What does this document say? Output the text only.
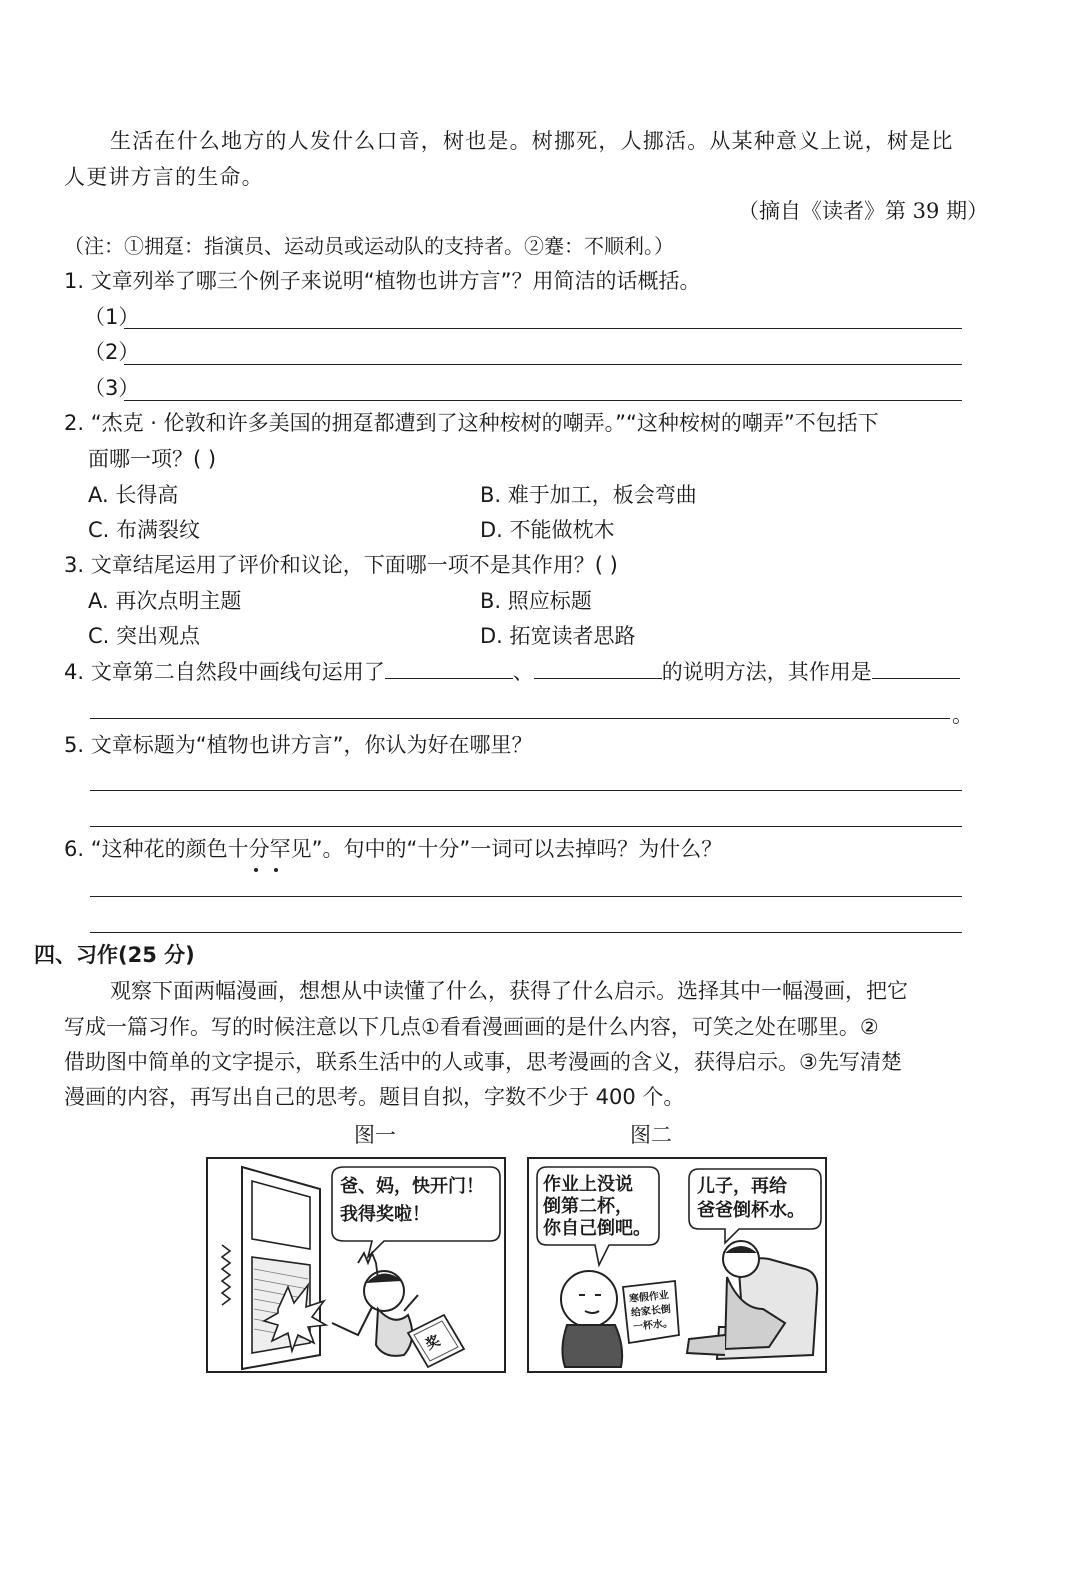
生活在什么地方的人发什么口音，树也是。树挪死，人挪活。从某种意义上说，树是比
人更讲方言的生命。
（摘自《读者》第 39 期）
（注：①拥趸：指演员、运动员或运动队的支持者。②蹇：不顺利。）
1. 文章列举了哪三个例子来说明“植物也讲方言”？用简洁的话概括。
（1）
（2）
（3）
2. “杰克 · 伦敦和许多美国的拥趸都遭到了这种桉树的嘲弄。”“这种桉树的嘲弄”不包括下
面哪一项？( )
A. 长得高	B. 难于加工，板会弯曲
C. 布满裂纹	D. 不能做枕木
3. 文章结尾运用了评价和议论，下面哪一项不是其作用？( )
A. 再次点明主题	B. 照应标题
C. 突出观点	D. 拓宽读者思路
4. 文章第二自然段中画线句运用了	、	的说明方法，其作用是
。
5. 文章标题为“植物也讲方言”，你认为好在哪里？
6. “这种花的颜色十分罕见”。句中的“十分”一词可以去掉吗？为什么？
四、习作(25 分)
观察下面两幅漫画，想想从中读懂了什么，获得了什么启示。选择其中一幅漫画，把它
写成一篇习作。写的时候注意以下几点①看看漫画画的是什么内容，可笑之处在哪里。②
借助图中简单的文字提示，联系生活中的人或事，思考漫画的含义，获得启示。③先写清楚
漫画的内容，再写出自己的思考。题目自拟，字数不少于 400 个。
图一	图二
爸、妈，快开门！
我得奖啦！
奖
作业上没说
倒第二杯，
你自己倒吧。
儿子，再给
爸爸倒杯水。
寒假作业
给家长倒
一杯水。
